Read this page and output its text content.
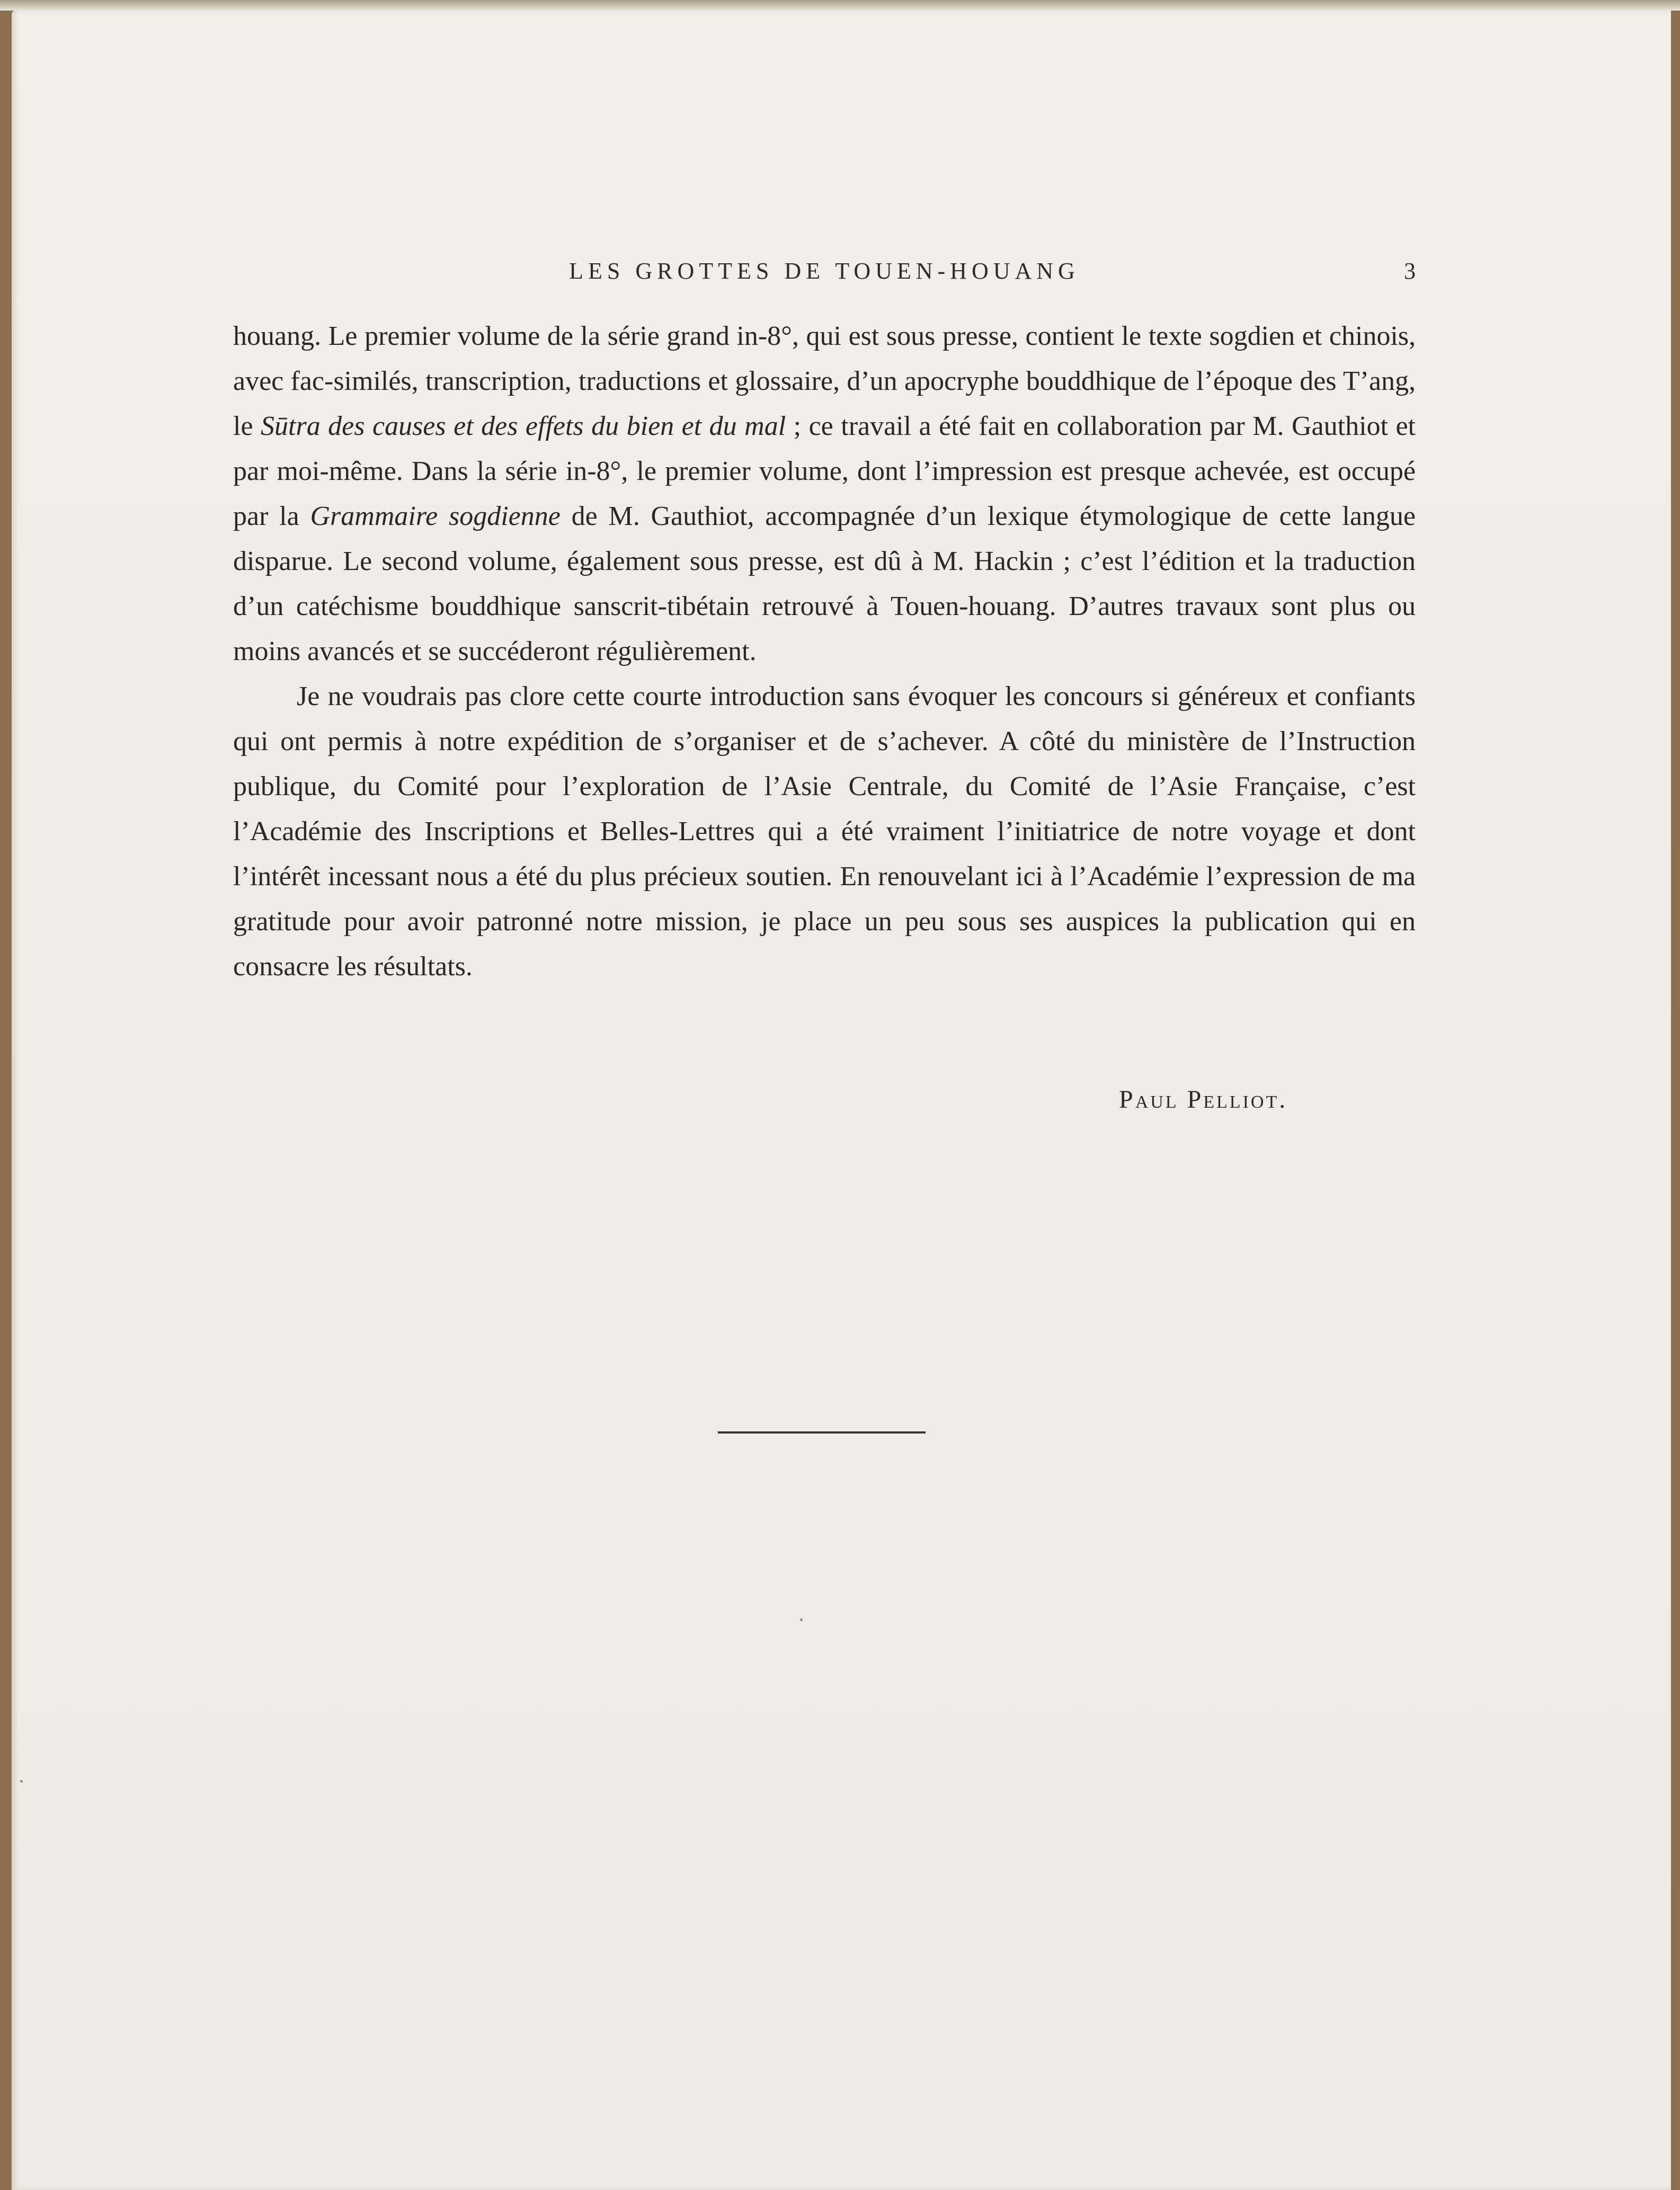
LES GROTTES DE TOUEN-HOUANG	3

houang. Le premier volume de la série grand in-8°, qui est sous presse, contient le texte sogdien et chinois, avec fac-similés, transcription, traductions et glossaire, d’un apocryphe bouddhique de l’époque des T’ang, le Sūtra des causes et des effets du bien et du mal ; ce travail a été fait en collaboration par M. Gauthiot et par moi-même. Dans la série in-8°, le premier volume, dont l’impression est presque achevée, est occupé par la Grammaire sogdienne de M. Gauthiot, accompagnée d’un lexique étymologique de cette langue disparue. Le second volume, également sous presse, est dû à M. Hackin ; c’est l’édition et la traduction d’un catéchisme bouddhique sanscrit-tibétain retrouvé à Touen-houang. D’autres travaux sont plus ou moins avancés et se succéderont régulièrement.

Je ne voudrais pas clore cette courte introduction sans évoquer les concours si généreux et confiants qui ont permis à notre expédition de s’organiser et de s’achever. A côté du ministère de l’Instruction publique, du Comité pour l’exploration de l’Asie Centrale, du Comité de l’Asie Française, c’est l’Académie des Inscriptions et Belles-Lettres qui a été vraiment l’initiatrice de notre voyage et dont l’intérêt incessant nous a été du plus précieux soutien. En renouvelant ici à l’Académie l’expression de ma gratitude pour avoir patronné notre mission, je place un peu sous ses auspices la publication qui en consacre les résultats.

Paul Pelliot.
